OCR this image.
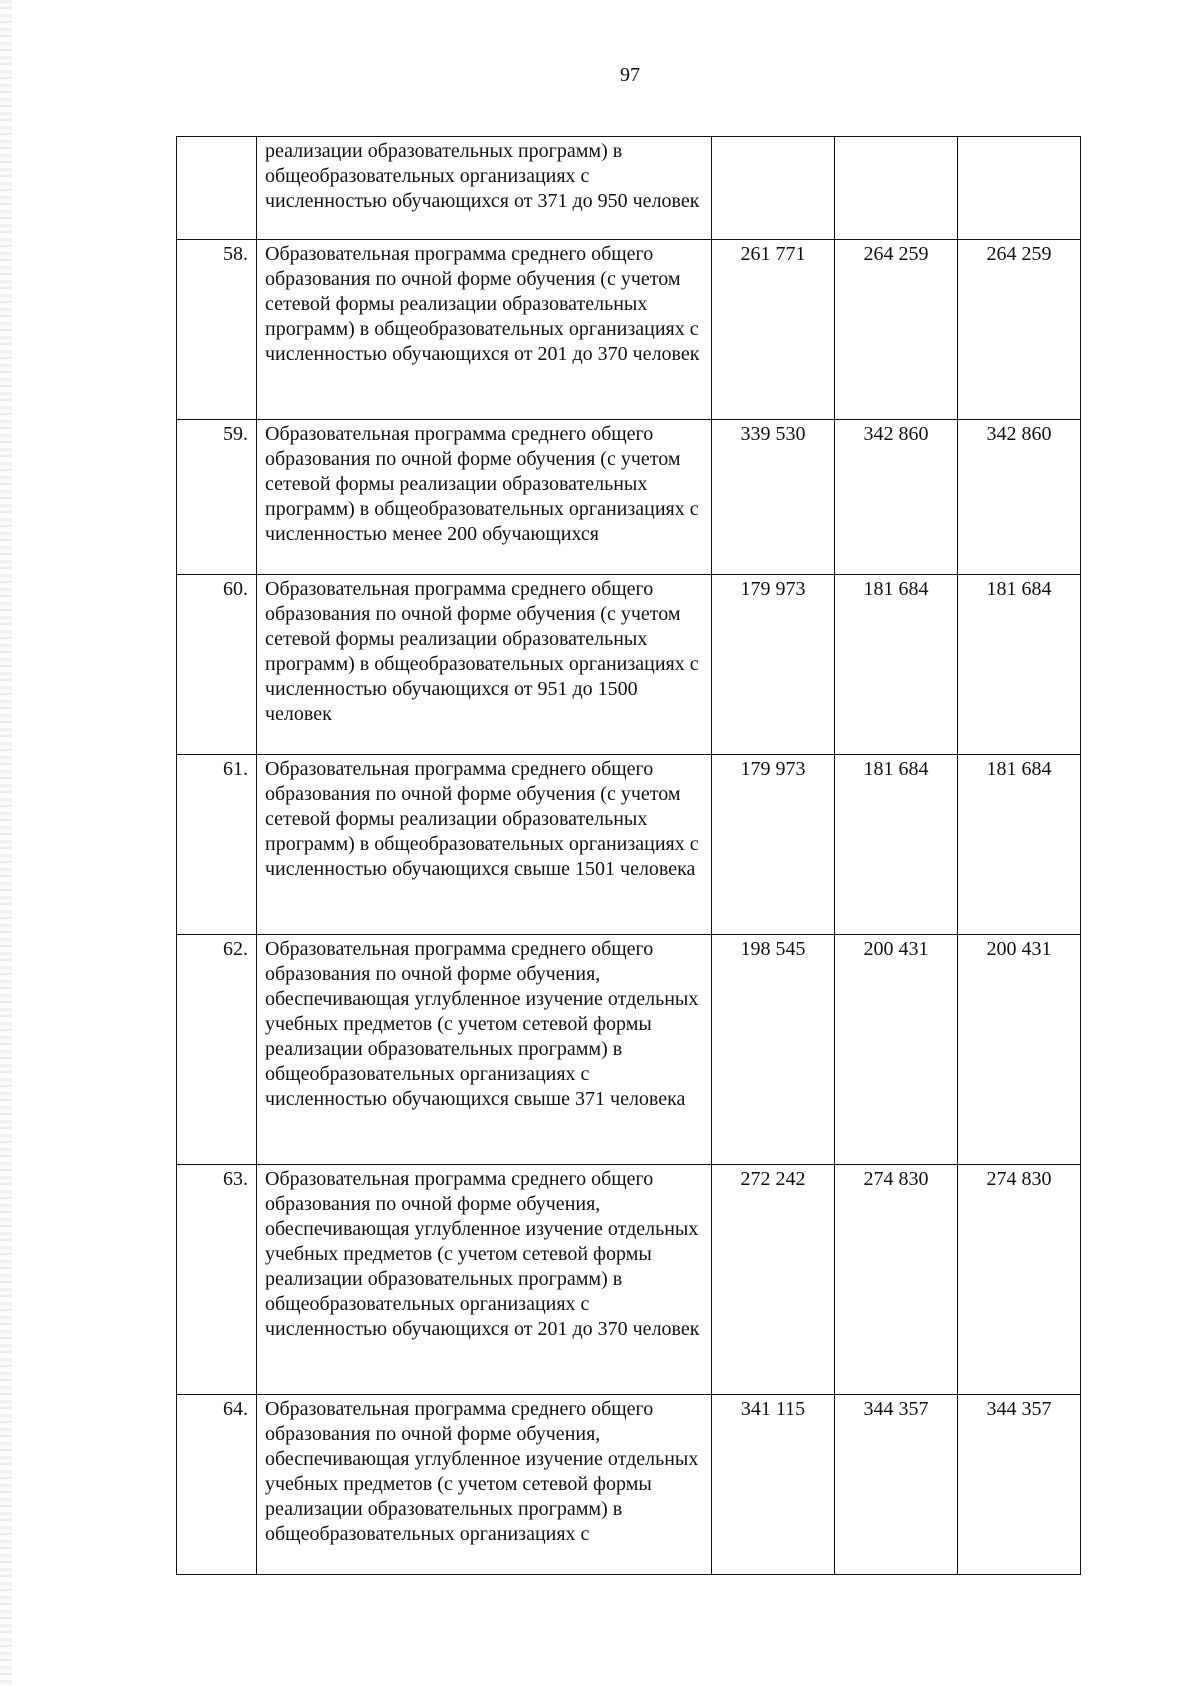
97
	реализации образовательных программ) в общеобразовательных организациях с численностью обучающихся от 371 до 950 человек			
58.	Образовательная программа среднего общего образования по очной форме обучения (с учетом сетевой формы реализации образовательных программ) в общеобразовательных организациях с численностью обучающихся от 201 до 370 человек	261 771	264 259	264 259
59.	Образовательная программа среднего общего образования по очной форме обучения (с учетом сетевой формы реализации образовательных программ) в общеобразовательных организациях с численностью менее 200 обучающихся	339 530	342 860	342 860
60.	Образовательная программа среднего общего образования по очной форме обучения (с учетом сетевой формы реализации образовательных программ) в общеобразовательных организациях с численностью обучающихся от 951 до 1500 человек	179 973	181 684	181 684
61.	Образовательная программа среднего общего образования по очной форме обучения (с учетом сетевой формы реализации образовательных программ) в общеобразовательных организациях с численностью обучающихся свыше 1501 человека	179 973	181 684	181 684
62.	Образовательная программа среднего общего образования по очной форме обучения, обеспечивающая углубленное изучение отдельных учебных предметов (с учетом сетевой формы реализации образовательных программ) в общеобразовательных организациях с численностью обучающихся свыше 371 человека	198 545	200 431	200 431
63.	Образовательная программа среднего общего образования по очной форме обучения, обеспечивающая углубленное изучение отдельных учебных предметов (с учетом сетевой формы реализации образовательных программ) в общеобразовательных организациях с численностью обучающихся от 201 до 370 человек	272 242	274 830	274 830
64.	Образовательная программа среднего общего образования по очной форме обучения, обеспечивающая углубленное изучение отдельных учебных предметов (с учетом сетевой формы реализации образовательных программ) в общеобразовательных организациях с	341 115	344 357	344 357
